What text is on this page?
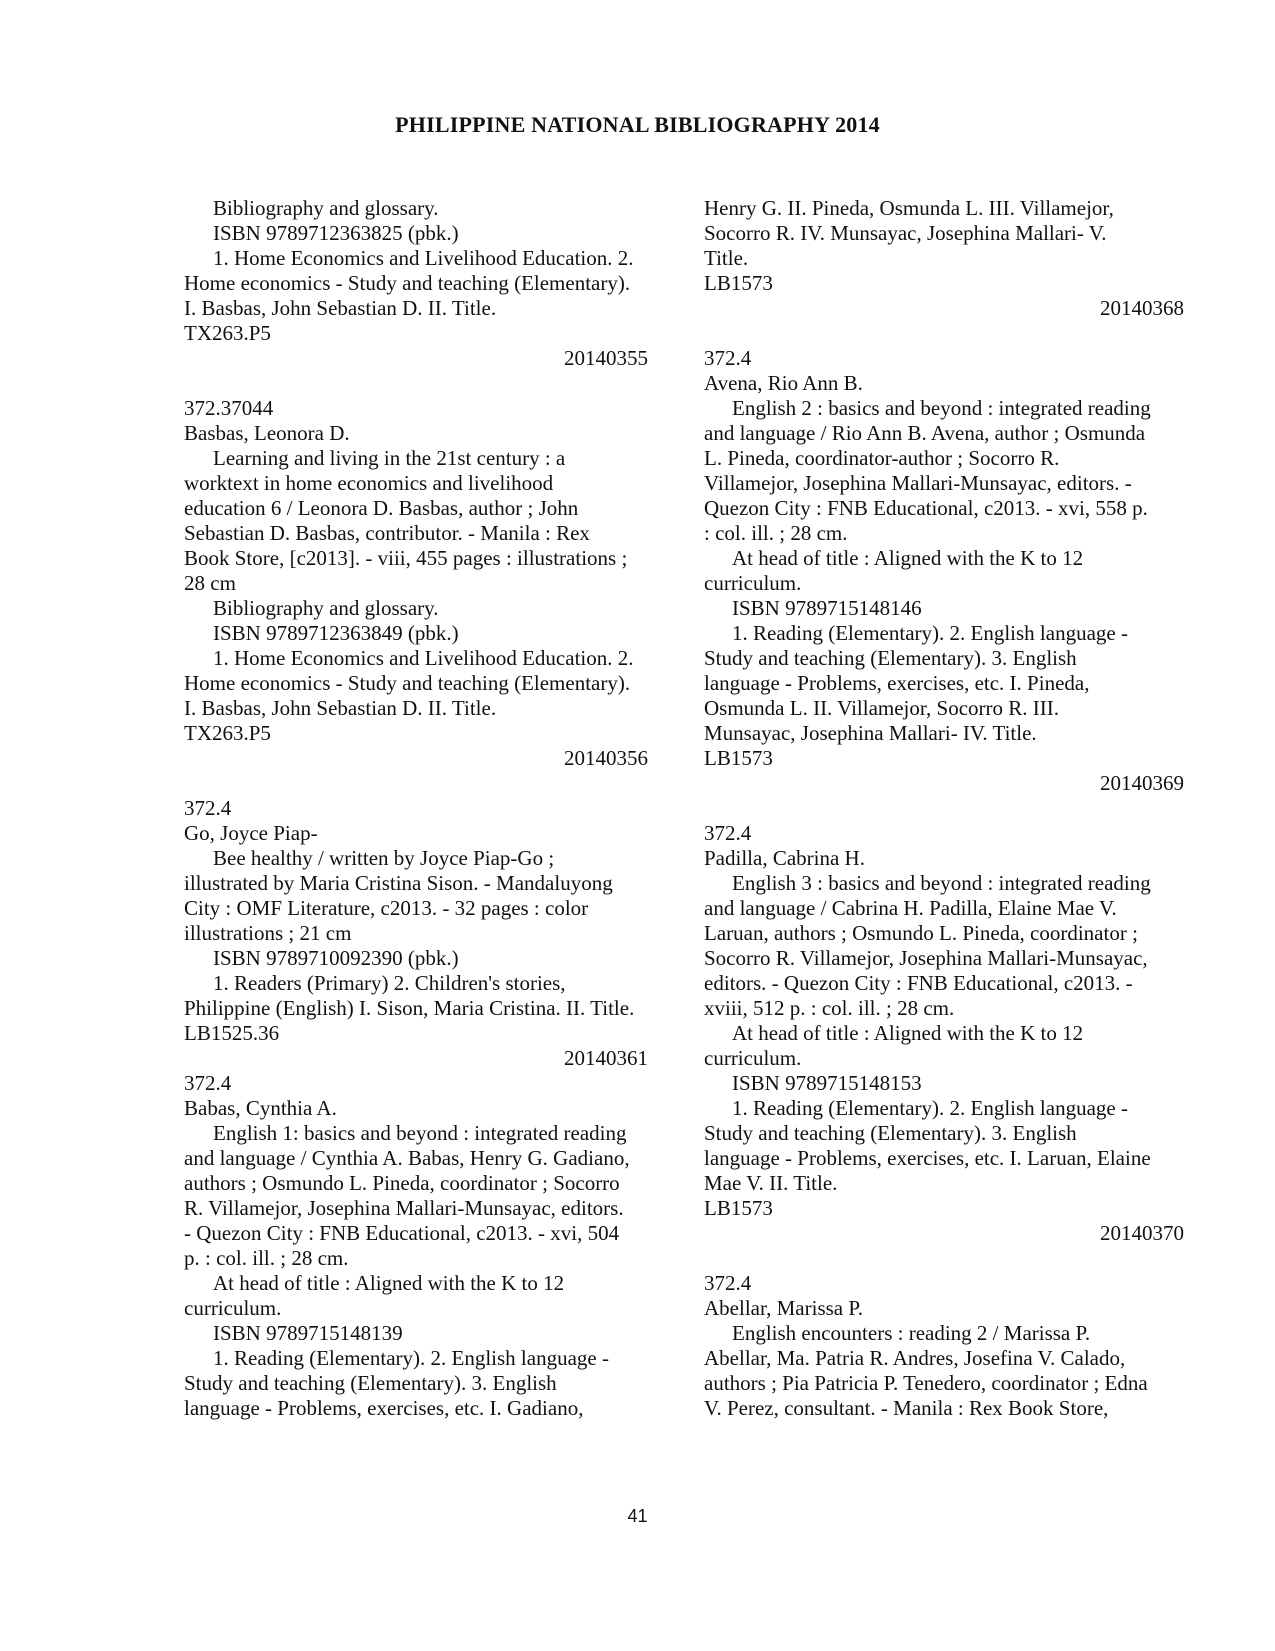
PHILIPPINE NATIONAL BIBLIOGRAPHY 2014
Bibliography and glossary.
ISBN 9789712363825 (pbk.)
1. Home Economics and Livelihood Education. 2.
Home economics - Study and teaching (Elementary).
I. Basbas, John Sebastian D. II. Title.
TX263.P5
20140355
372.37044
Basbas, Leonora D.
Learning and living in the 21st century : a
worktext in home economics and livelihood
education 6 / Leonora D. Basbas, author ; John
Sebastian D. Basbas, contributor. - Manila : Rex
Book Store, [c2013]. - viii, 455 pages : illustrations ;
28 cm
Bibliography and glossary.
ISBN 9789712363849 (pbk.)
1. Home Economics and Livelihood Education. 2.
Home economics - Study and teaching (Elementary).
I. Basbas, John Sebastian D. II. Title.
TX263.P5
20140356
372.4
Go, Joyce Piap-
Bee healthy / written by Joyce Piap-Go ;
illustrated by Maria Cristina Sison. - Mandaluyong
City : OMF Literature, c2013. - 32 pages : color
illustrations ; 21 cm
ISBN 9789710092390 (pbk.)
1. Readers (Primary) 2. Children's stories,
Philippine (English) I. Sison, Maria Cristina. II. Title.
LB1525.36
20140361
372.4
Babas, Cynthia A.
English 1: basics and beyond : integrated reading
and language / Cynthia A. Babas, Henry G. Gadiano,
authors ; Osmundo L. Pineda, coordinator ; Socorro
R. Villamejor, Josephina Mallari-Munsayac, editors.
- Quezon City : FNB Educational, c2013. - xvi, 504
p. : col. ill. ; 28 cm.
At head of title : Aligned with the K to 12
curriculum.
ISBN 9789715148139
1. Reading (Elementary). 2. English language -
Study and teaching (Elementary). 3. English
language - Problems, exercises, etc. I. Gadiano,
Henry G. II. Pineda, Osmunda L. III. Villamejor,
Socorro R. IV. Munsayac, Josephina Mallari- V.
Title.
LB1573
20140368
372.4
Avena, Rio Ann B.
English 2 : basics and beyond : integrated reading
and language / Rio Ann B. Avena, author ; Osmunda
L. Pineda, coordinator-author ; Socorro R.
Villamejor, Josephina Mallari-Munsayac, editors. -
Quezon City : FNB Educational, c2013. - xvi, 558 p.
: col. ill. ; 28 cm.
At head of title : Aligned with the K to 12
curriculum.
ISBN 9789715148146
1. Reading (Elementary). 2. English language -
Study and teaching (Elementary). 3. English
language - Problems, exercises, etc. I. Pineda,
Osmunda L. II. Villamejor, Socorro R. III.
Munsayac, Josephina Mallari- IV. Title.
LB1573
20140369
372.4
Padilla, Cabrina H.
English 3 : basics and beyond : integrated reading
and language / Cabrina H. Padilla, Elaine Mae V.
Laruan, authors ; Osmundo L. Pineda, coordinator ;
Socorro R. Villamejor, Josephina Mallari-Munsayac,
editors. - Quezon City : FNB Educational, c2013. -
xviii, 512 p. : col. ill. ; 28 cm.
At head of title : Aligned with the K to 12
curriculum.
ISBN 9789715148153
1. Reading (Elementary). 2. English language -
Study and teaching (Elementary). 3. English
language - Problems, exercises, etc. I. Laruan, Elaine
Mae V. II. Title.
LB1573
20140370
372.4
Abellar, Marissa P.
English encounters : reading 2 / Marissa P.
Abellar, Ma. Patria R. Andres, Josefina V. Calado,
authors ; Pia Patricia P. Tenedero, coordinator ; Edna
V. Perez, consultant. - Manila : Rex Book Store,
41
